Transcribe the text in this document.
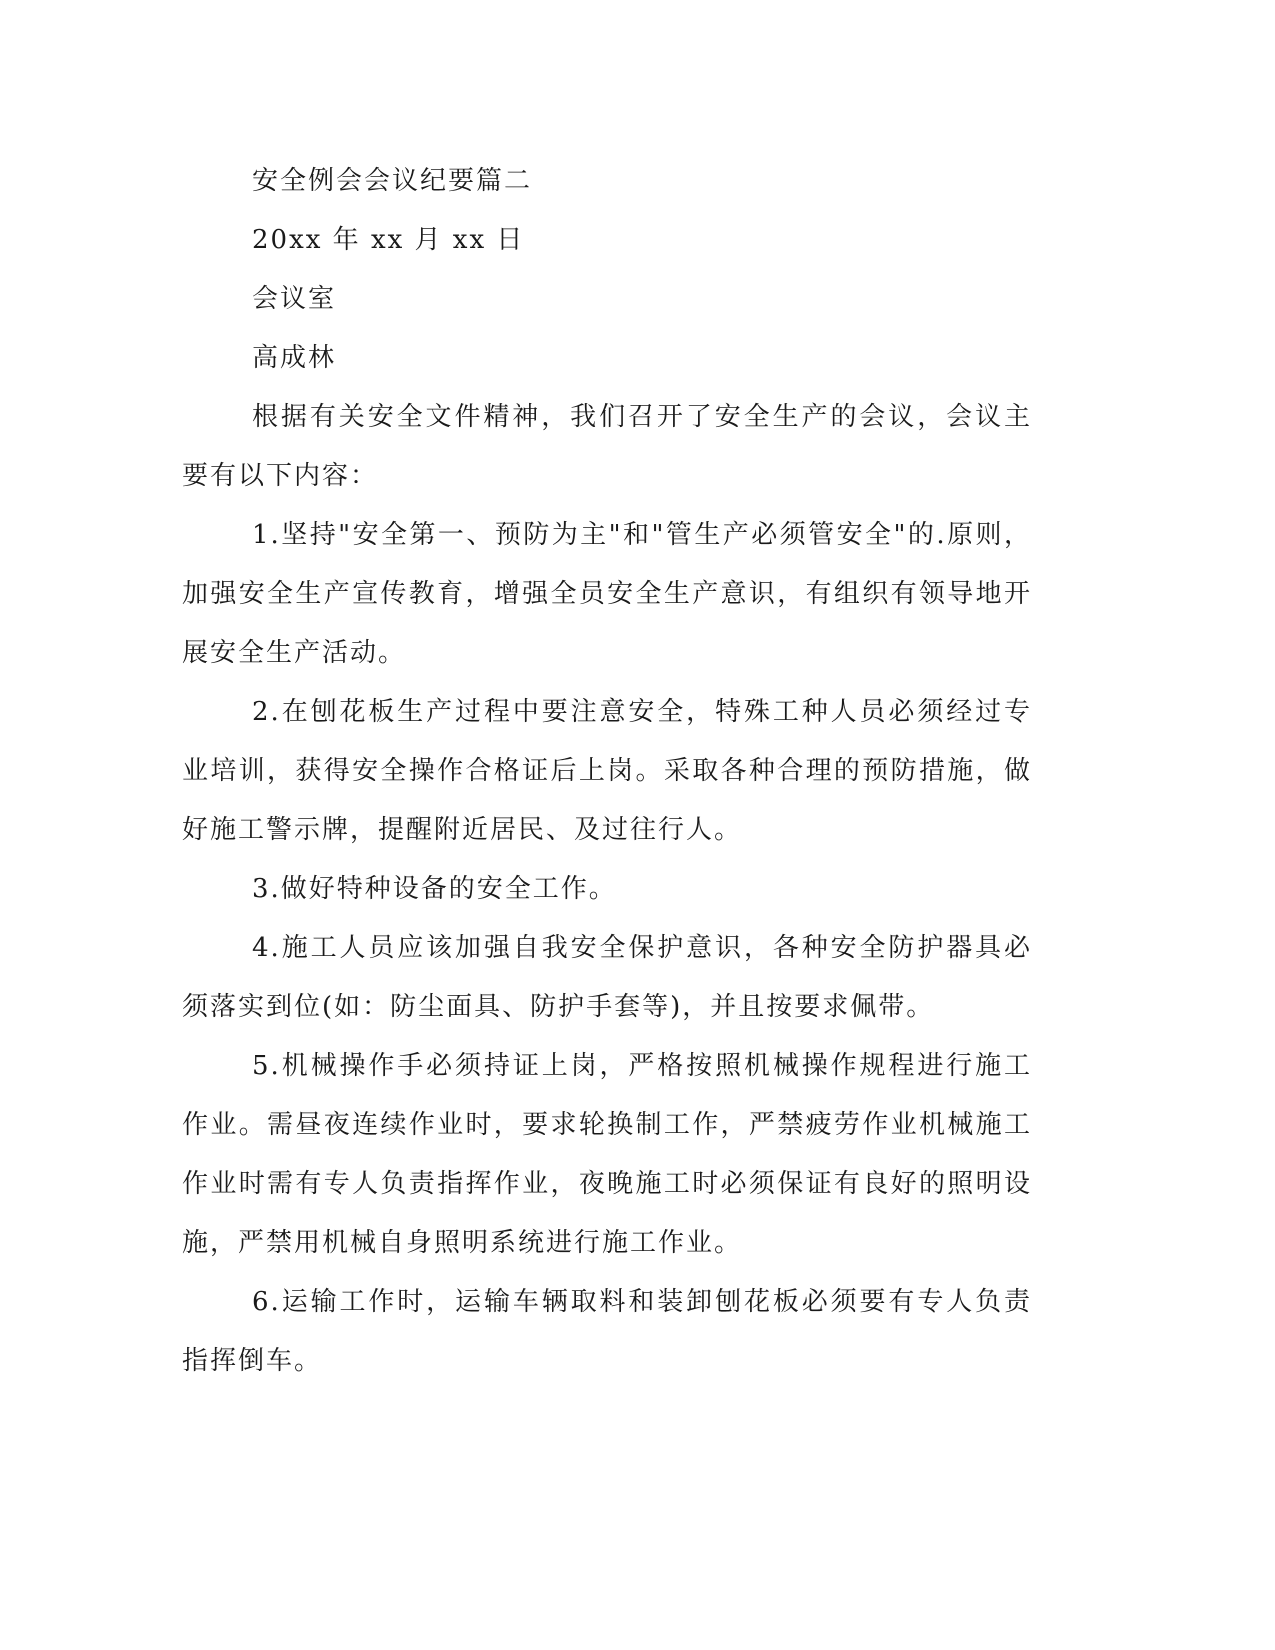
安全例会会议纪要篇二
20xx 年 xx 月 xx 日
会议室
高成林

根据有关安全文件精神，我们召开了安全生产的会议，会议主要有以下内容：

1.坚持"安全第一、预防为主"和"管生产必须管安全"的.原则，加强安全生产宣传教育，增强全员安全生产意识，有组织有领导地开展安全生产活动。

2.在刨花板生产过程中要注意安全，特殊工种人员必须经过专业培训，获得安全操作合格证后上岗。采取各种合理的预防措施，做好施工警示牌，提醒附近居民、及过往行人。

3.做好特种设备的安全工作。

4.施工人员应该加强自我安全保护意识，各种安全防护器具必须落实到位(如：防尘面具、防护手套等)，并且按要求佩带。

5.机械操作手必须持证上岗，严格按照机械操作规程进行施工作业。需昼夜连续作业时，要求轮换制工作，严禁疲劳作业机械施工作业时需有专人负责指挥作业，夜晚施工时必须保证有良好的照明设施，严禁用机械自身照明系统进行施工作业。

6.运输工作时，运输车辆取料和装卸刨花板必须要有专人负责指挥倒车。
